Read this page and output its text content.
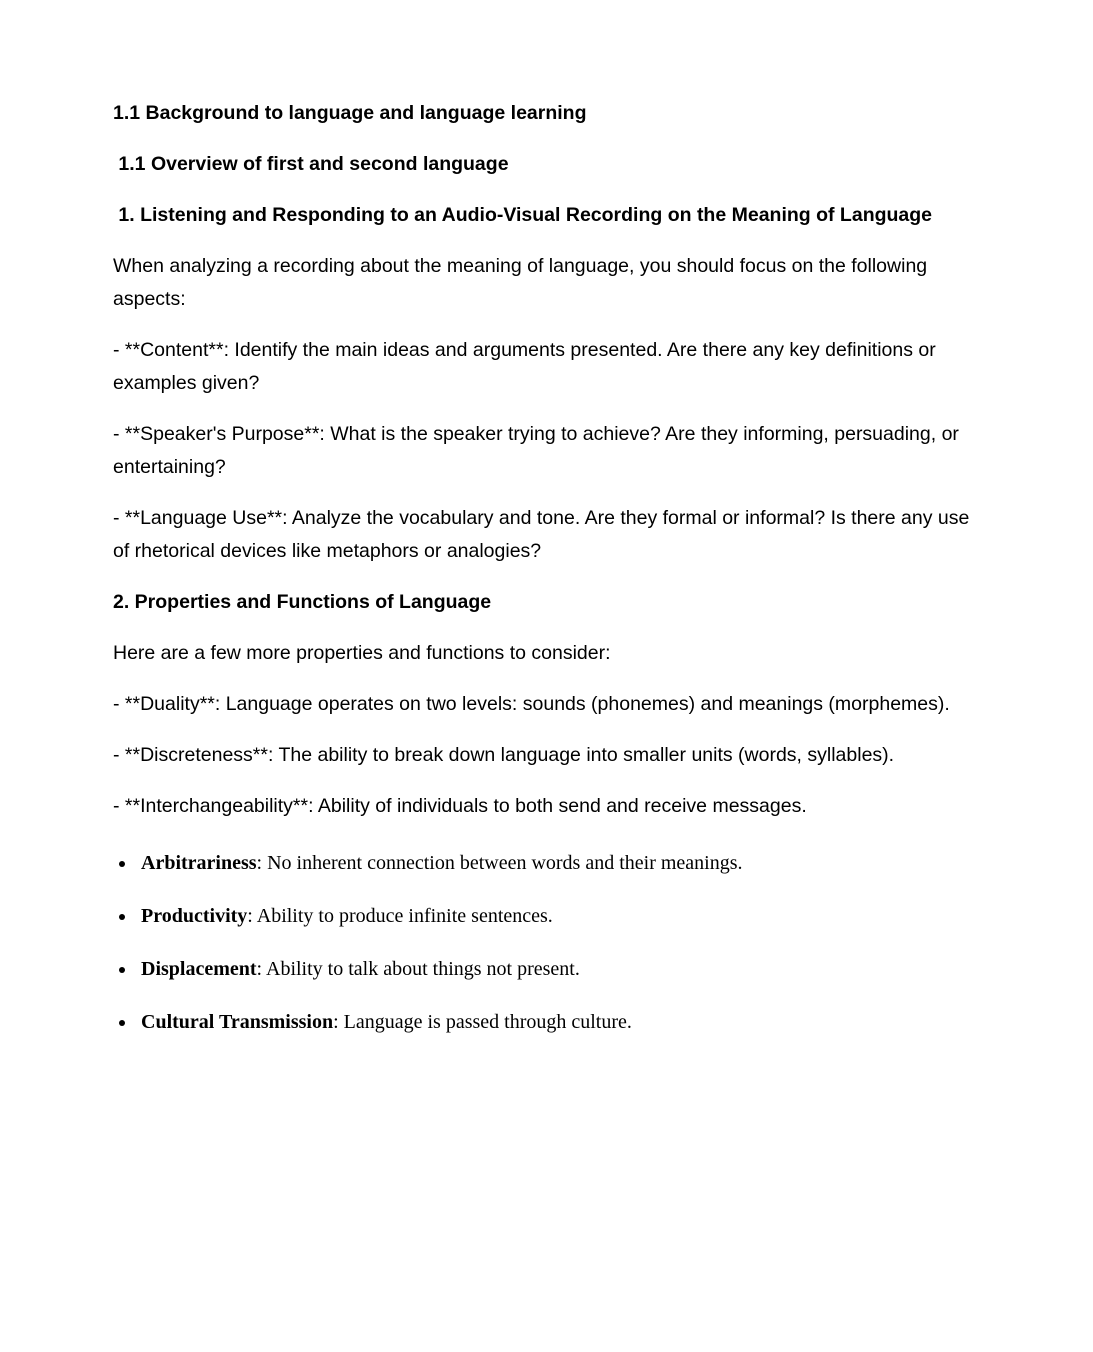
1.1 Background to language and language learning
1.1 Overview of first and second language
1. Listening and Responding to an Audio-Visual Recording on the Meaning of Language

When analyzing a recording about the meaning of language, you should focus on the following aspects:

- **Content**: Identify the main ideas and arguments presented. Are there any key definitions or examples given?

- **Speaker's Purpose**: What is the speaker trying to achieve? Are they informing, persuading, or entertaining?

- **Language Use**: Analyze the vocabulary and tone. Are they formal or informal? Is there any use of rhetorical devices like metaphors or analogies?

2. Properties and Functions of Language

Here are a few more properties and functions to consider:

- **Duality**: Language operates on two levels: sounds (phonemes) and meanings (morphemes).

- **Discreteness**: The ability to break down language into smaller units (words, syllables).

- **Interchangeability**: Ability of individuals to both send and receive messages.

• Arbitrariness: No inherent connection between words and their meanings.
• Productivity: Ability to produce infinite sentences.
• Displacement: Ability to talk about things not present.
• Cultural Transmission: Language is passed through culture.
